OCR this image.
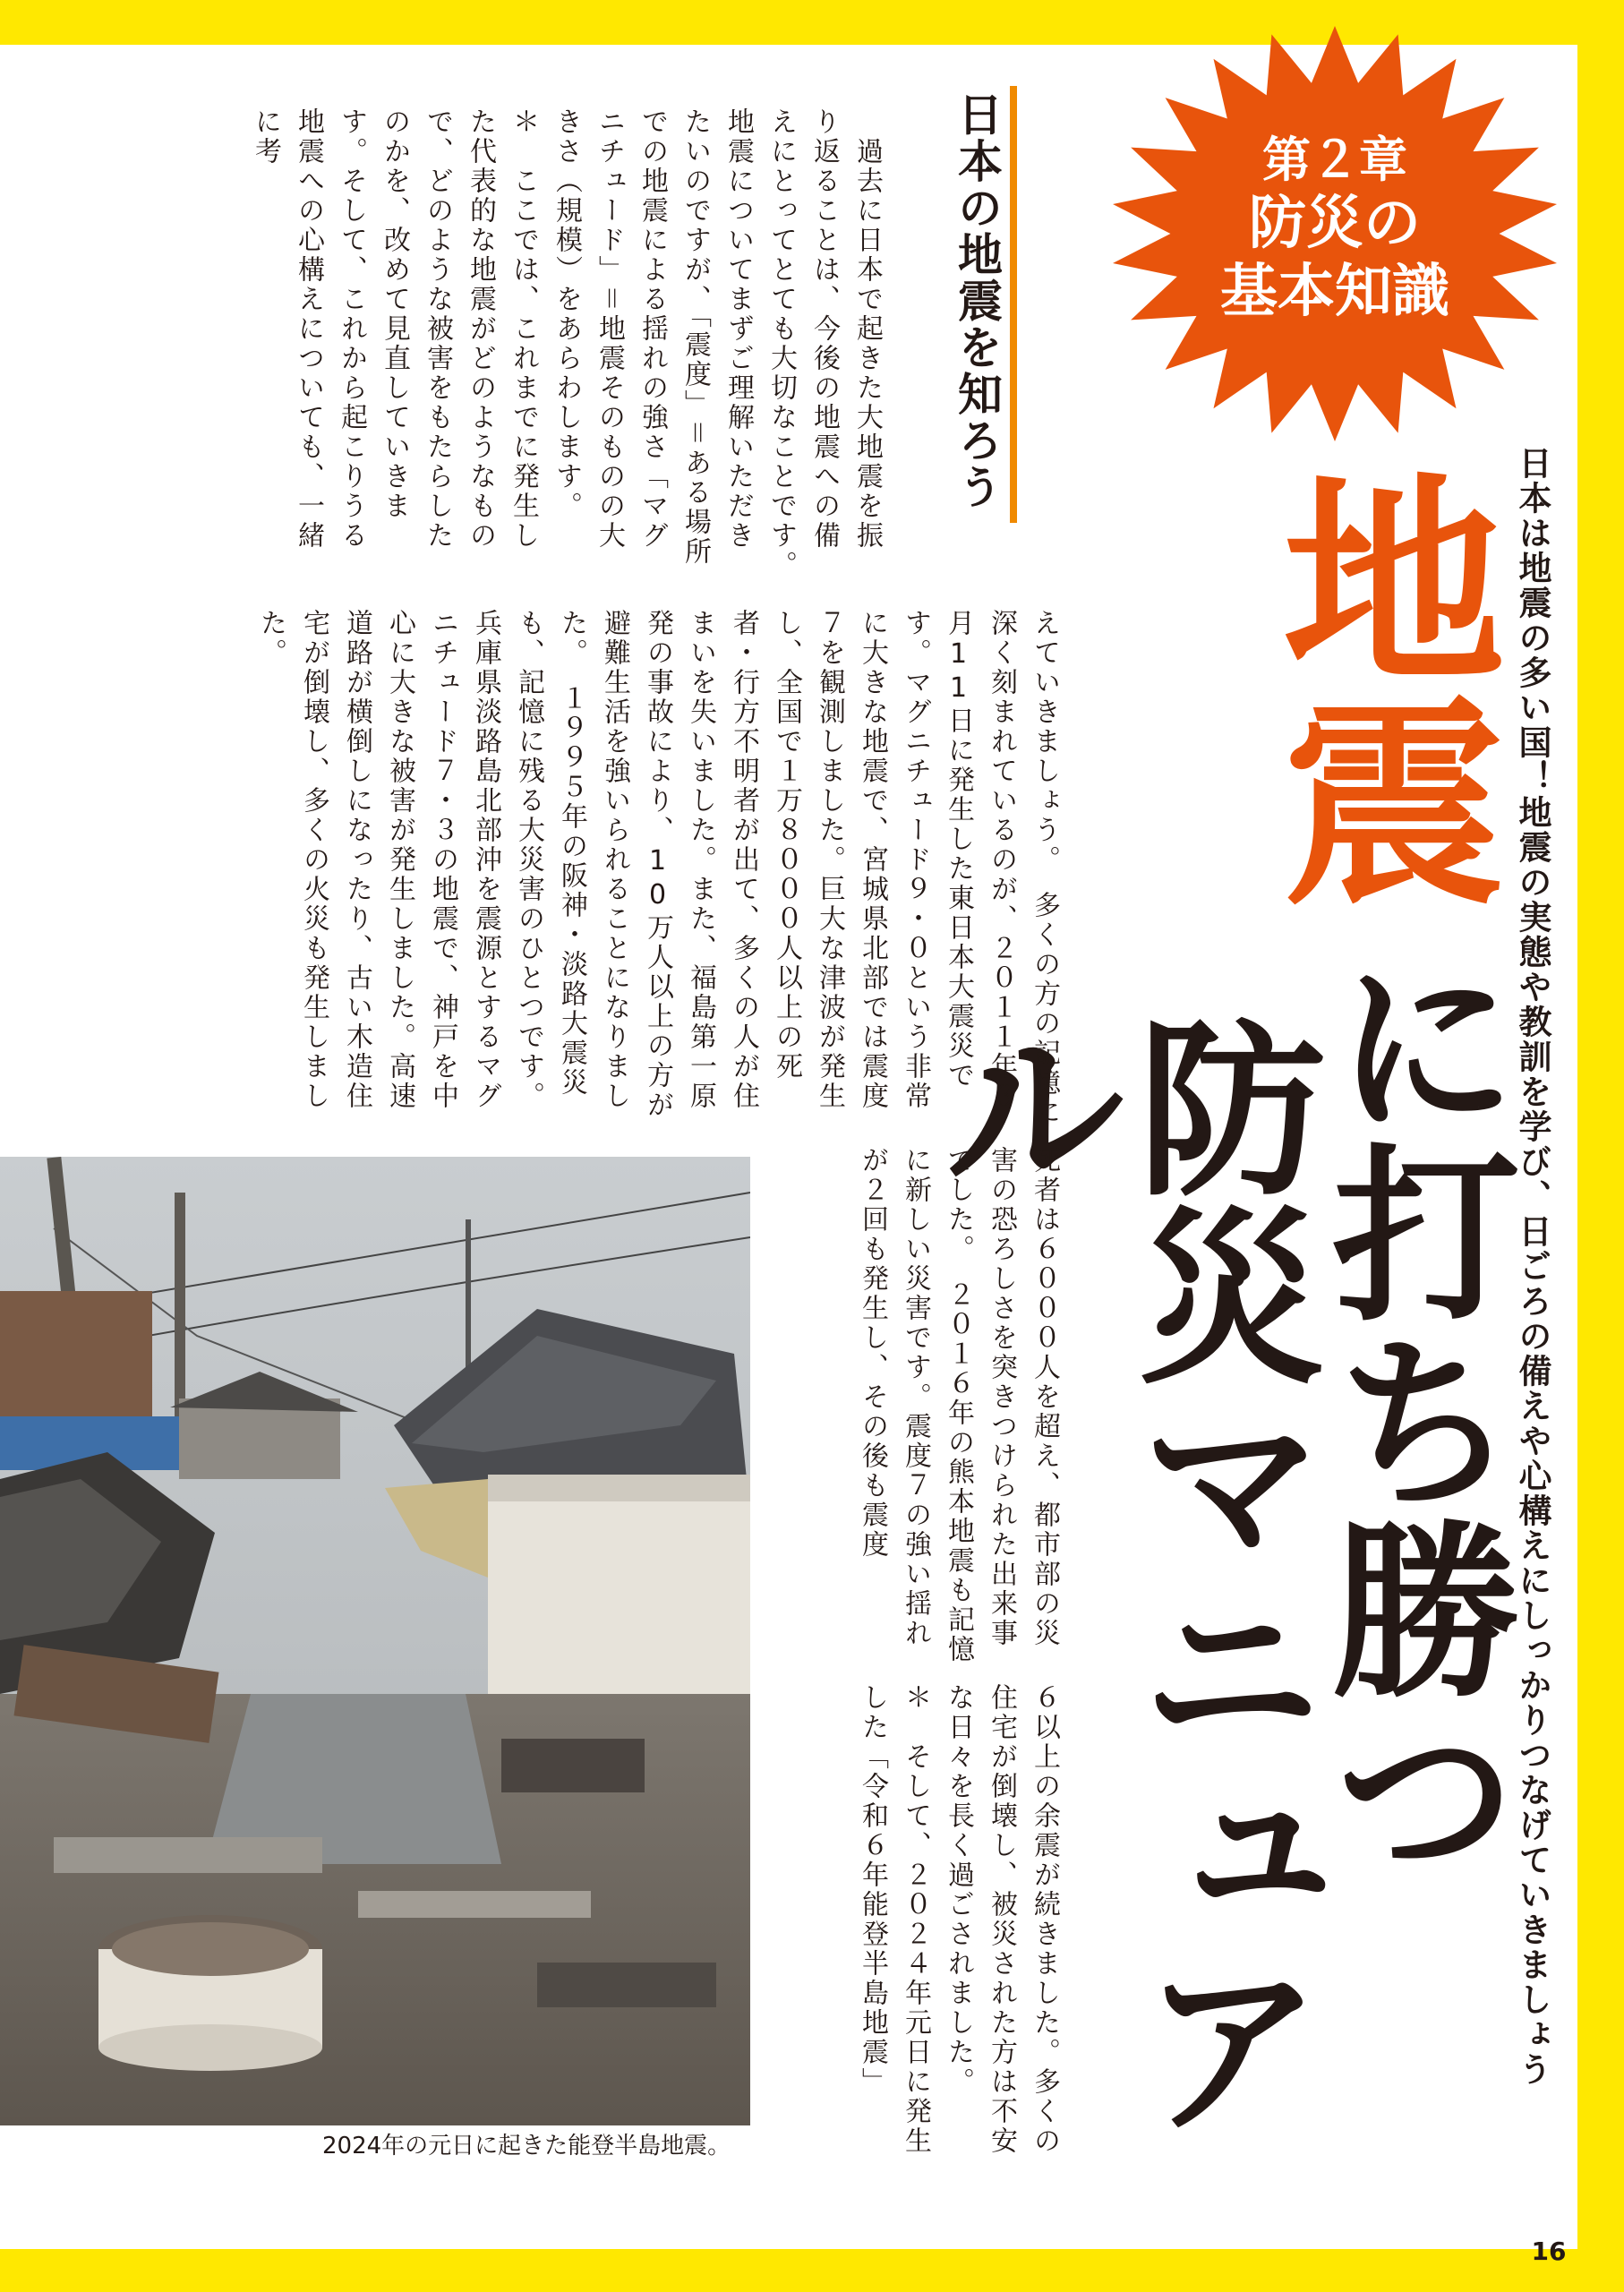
第２章
防災の
基本知識
日本は地震の多い国！地震の実態や教訓を学び、日ごろの備えや心構えにしっかりつなげていきましょう
地震
に打ち勝つ
防災マニュアル
日本の地震を知ろう
　過去に日本で起きた大地震を振り返ることは、今後の地震への備えにとってとても大切なことです。　地震についてまずご理解いただきたいのですが、「震度」＝ある場所での地震による揺れの強さ「マグニチュード」＝地震そのものの大きさ（規模）をあらわします。　　　＊　ここでは、これまでに発生した代表的な地震がどのようなもので、どのような被害をもたらしたのかを、改めて見直していきます。そして、これから起こりうる地震への心構えについても、一緒に考
えていきましょう。　多くの方の記憶に深く刻まれているのが、２０１１年３月11日に発生した東日本大震災です。マグニチュード９・０という非常に大きな地震で、宮城県北部では震度７を観測しました。巨大な津波が発生し、全国で１万８０００人以上の死者・行方不明者が出て、多くの人が住まいを失いました。また、福島第一原発の事故により、10万人以上の方が避難生活を強いられることになりました。　１９９５年の阪神・淡路大震災も、記憶に残る大災害のひとつです。兵庫県淡路島北部沖を震源とするマグニチュード７・３の地震で、神戸を中心に大きな被害が発生しました。高速道路が横倒しになったり、古い木造住宅が倒壊し、多くの火災も発生しました。
死者は６０００人を超え、都市部の災害の恐ろしさを突きつけられた出来事でした。　２０１６年の熊本地震も記憶に新しい災害です。震度７の強い揺れが２回も発生し、その後も震度
６以上の余震が続きました。多くの住宅が倒壊し、被災された方は不安な日々を長く過ごされました。　　　＊　そして、２０２４年元日に発生した「令和６年能登半島地震」
2024年の元日に起きた能登半島地震。
16
